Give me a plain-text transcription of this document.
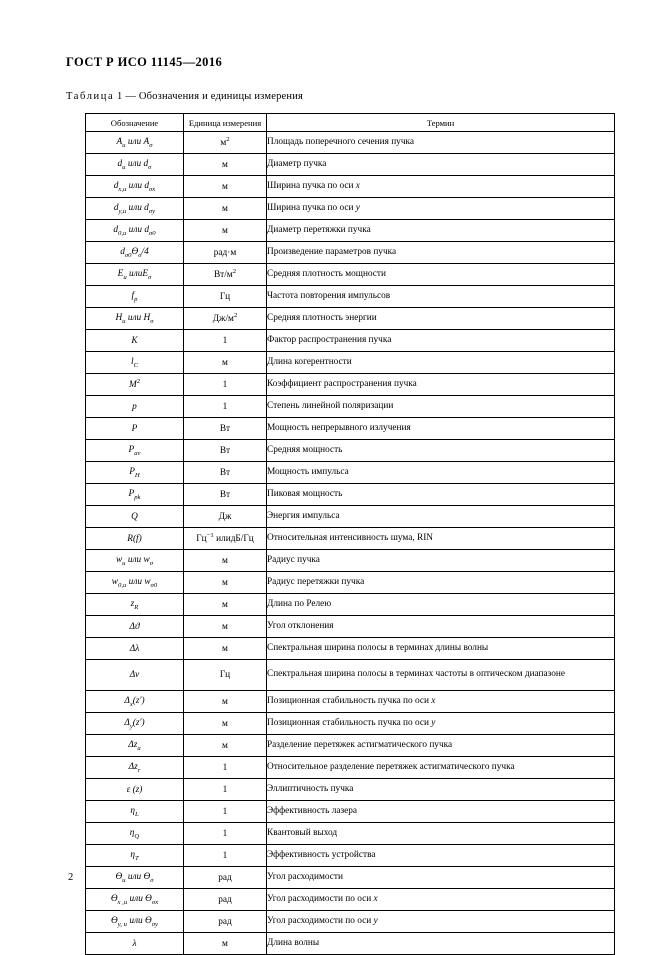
ГОСТ Р ИСО 11145—2016
Таблица 1 — Обозначения и единицы измерения
Обозначение	Единица измерения	Термин
$A_u$ или $A_\sigma$	$м^2$	Площадь поперечного сечения пучка
$d_u$ или $d_\sigma$	м	Диаметр пучка
$d_{x,u}$ или $d_{\sigma x}$	м	Ширина пучка по оси x
$d_{y,u}$ или $d_{\sigma y}$	м	Ширина пучка по оси y
$d_{0,u}$ или $d_{\sigma 0}$	м	Диаметр перетяжки пучка
$d_{\sigma 0}ϴ_\sigma/4$	рад·м	Произведение параметров пучка
$E_u$ илиE$_\sigma$	$Вт/м^2$	Средняя плотность мощности
$f_p$	Гц	Частота повторения импульсов
$H_u$ или $H_\sigma$	$Дж/м^2$	Средняя плотность энергии
K	1	Фактор распространения пучка
$l_C$	м	Длина когерентности
$M^2$	1	Коэффициент распространения пучка
p	1	Степень линейной поляризации
P	Вт	Мощность непрерывного излучения
$P_{av}$	Вт	Средняя мощность
$P_H$	Вт	Мощность импульса
$P_{pk}$	Вт	Пиковая мощность
Q	Дж	Энергия импульса
R(f)	$Гц^{-1}$ илидБ/Гц	Относительная интенсивность шума, RIN
$w_u$ или $w_\sigma$	м	Радиус пучка
$w_{0,u}$ или $w_{\sigma 0}$	м	Радиус перетяжки пучка
$z_R$	м	Длина по Релею
Δϑ	м	Угол отклонения
Δλ	м	Спектральная ширина полосы в терминах длины волны
Δν	Гц	Спектральная ширина полосы в терминах частоты в оптическом диапазоне
$\Delta_x(z')$	м	Позиционная стабильность пучка по оси x
$\Delta_y(z')$	м	Позиционная стабильность пучка по оси y
$\Delta z_a$	м	Разделение перетяжек астигматического пучка
$\Delta z_r$	1	Относительное разделение перетяжек астигматического пучка
ε (z)	1	Эллиптичность пучка
$\eta_L$	1	Эффективность лазера
$\eta_Q$	1	Квантовый выход
$\eta_T$	1	Эффективность устройства
$ϴ_u$ или $ϴ_\sigma$	рад	Угол расходимости
$ϴ_{x ,u}$ или $ϴ_{\sigma x}$	рад	Угол расходимости по оси x
$ϴ_{y, u}$ или $ϴ_{\sigma y}$	рад	Угол расходимости по оси y
λ	м	Длина волны
2
